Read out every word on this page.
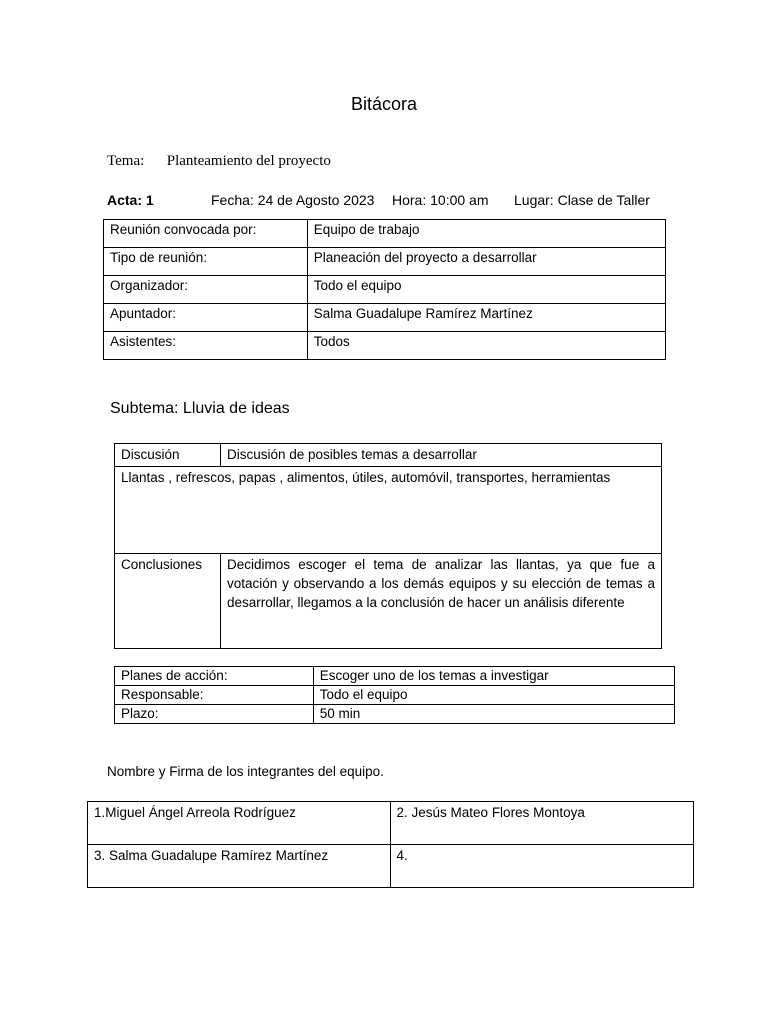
Bitácora
Tema: Planteamiento del proyecto
Acta: 1	Fecha: 24 de Agosto 2023 Hora: 10:00 am Lugar: Clase de Taller
Reunión convocada por:	Equipo de trabajo
Tipo de reunión:	Planeación del proyecto a desarrollar
Organizador:	Todo el equipo
Apuntador:	Salma Guadalupe Ramírez Martínez
Asistentes:	Todos
Subtema: Lluvia de ideas
Discusión	Discusión de posibles temas a desarrollar
Llantas , refrescos, papas , alimentos, útiles, automóvil, transportes, herramientas	
Conclusiones	Decidimos escoger el tema de analizar las llantas, ya que fue a votación y observando a los demás equipos y su elección de temas a desarrollar, llegamos a la conclusión de hacer un análisis diferente
Planes de acción:	Escoger uno de los temas a investigar
Responsable:	Todo el equipo
Plazo:	50 min
Nombre y Firma de los integrantes del equipo.
1.Miguel Ángel Arreola Rodríguez	2. Jesús Mateo Flores Montoya
3. Salma Guadalupe Ramírez Martínez	4.
